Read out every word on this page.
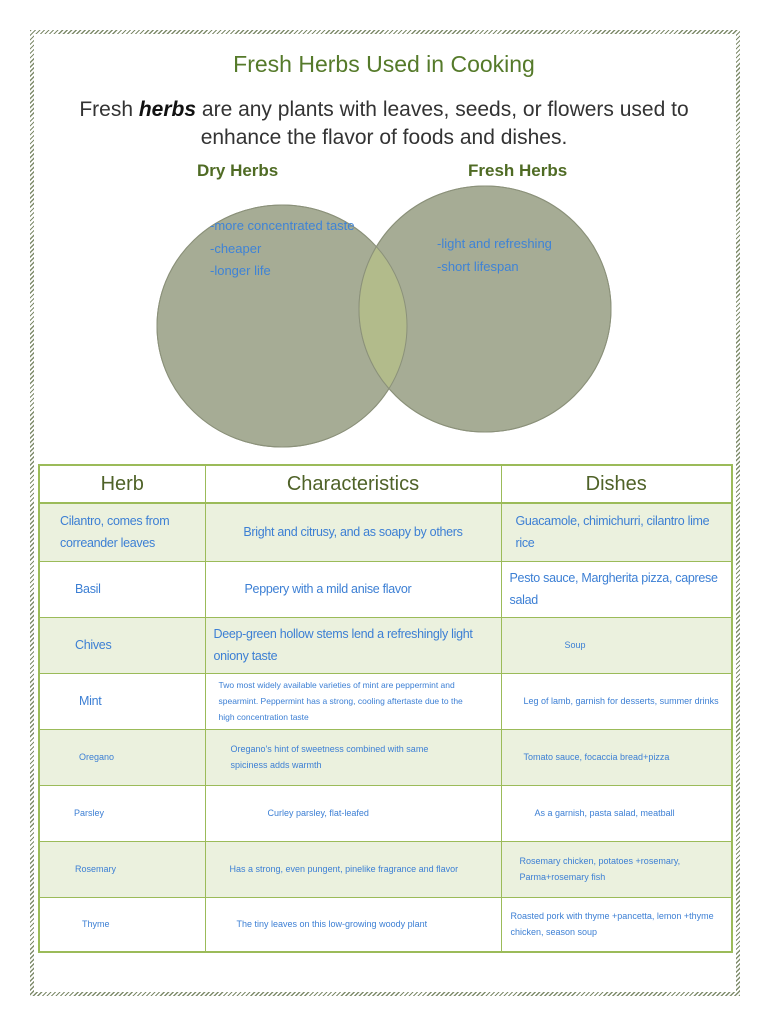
Fresh Herbs Used in Cooking

Fresh herbs are any plants with leaves, seeds, or flowers used to enhance the flavor of foods and dishes.

Dry Herbs	Fresh Herbs
-more concentrated taste
-cheaper
-longer life
-light and refreshing
-short lifespan
Herb	Characteristics	Dishes

Cilantro, comes from correander leaves	Bright and citrusy, and as soapy by others	Guacamole, chimichurri, cilantro lime rice

Basil	Peppery with a mild anise flavor	Pesto sauce, Margherita pizza, caprese salad

Chives	Deep-green hollow stems lend a refreshingly light oniony taste	Soup

Mint	Two most widely available varieties of mint are peppermint and spearmint. Peppermint has a strong, cooling aftertaste due to the high concentration taste	Leg of lamb, garnish for desserts, summer drinks

Oregano	Oregano's hint of sweetness combined with same spiciness adds warmth	Tomato sauce, focaccia bread+pizza

Parsley	Curley parsley, flat-leafed	As a garnish, pasta salad, meatball

Rosemary	Has a strong, even pungent, pinelike fragrance and flavor	Rosemary chicken, potatoes +rosemary, Parma+rosemary fish

Thyme	The tiny leaves on this low-growing woody plant	Roasted pork with thyme +pancetta, lemon +thyme chicken, season soup
